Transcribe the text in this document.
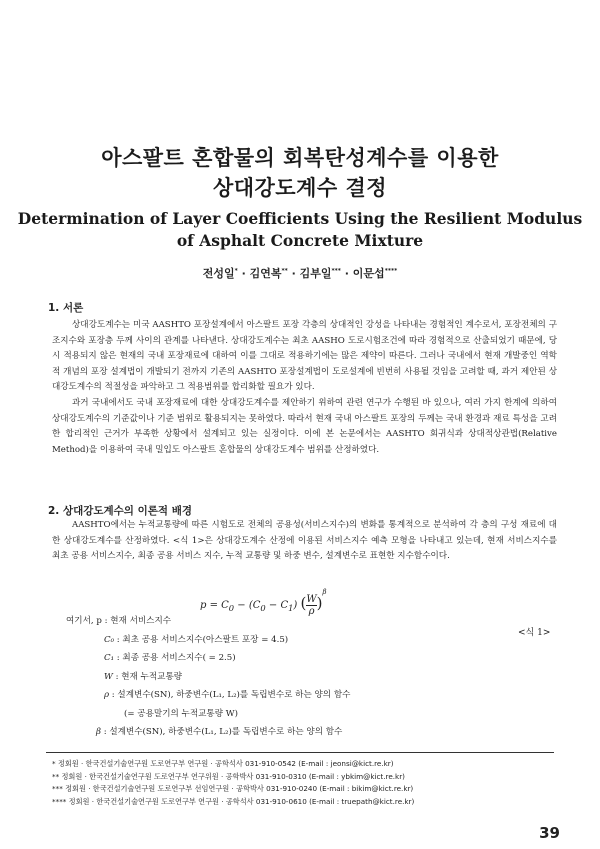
아스팔트 혼합물의 회복탄성계수를 이용한
상대강도계수 결정
Determination of Layer Coefficients Using the Resilient Modulus
of Asphalt Concrete Mixture
전성일* · 김연복** · 김부일*** · 이문섭****
1. 서론

상대강도계수는 미국 AASHTO 포장설계에서 아스팔트 포장 각층의 상대적인 강성을 나타내는 경험적인 계수로서, 포장전체의 구조지수와 포장층 두께 사이의 관계를 나타낸다. 상대강도계수는 최초 AASHO 도로시험조건에 따라 경험적으로 산출되었기 때문에, 당시 적용되지 않은 현재의 국내 포장재료에 대하여 이를 그대로 적용하기에는 많은 제약이 따른다. 그러나 국내에서 현재 개발중인 역학적 개념의 포장 설계법이 개발되기 전까지 기존의 AASHTO 포장설계법이 도로설계에 빈번히 사용될 것임을 고려할 때, 과거 제안된 상대강도계수의 적절성을 파악하고 그 적용범위를 합리화할 필요가 있다.

과거 국내에서도 국내 포장재료에 대한 상대강도계수를 제안하기 위하여 관련 연구가 수행된 바 있으나, 여러 가지 한계에 의하여 상대강도계수의 기준값이나 기준 범위로 활용되지는 못하였다. 따라서 현재 국내 아스팔트 포장의 두께는 국내 환경과 재료 특성을 고려한 합리적인 근거가 부족한 상황에서 설계되고 있는 실정이다. 이에 본 논문에서는 AASHTO 회귀식과 상대적상관법(Relative Method)을 이용하여 국내 밀입도 아스팔트 혼합물의 상대강도계수 범위를 산정하였다.

2. 상대강도계수의 이론적 배경

AASHTO에서는 누적교통량에 따른 시험도로 전체의 공용성(서비스지수)의 변화를 통계적으로 분석하여 각 층의 구성 재료에 대한 상대강도계수를 산정하였다. <식 1>은 상대강도계수 산정에 이용된 서비스지수 예측 모형을 나타내고 있는데, 현재 서비스지수를 최초 공용 서비스지수, 최종 공용 서비스 지수, 누적 교통량 및 하중 변수, 설계변수로 표현한 지수함수이다.

$p = C_0 - (C_0 - C_1)$ ( $\frac{W}{\rho} )^\beta$
<식 1>
여기서, p : 현재 서비스지수
C₀ : 최초 공용 서비스지수(아스팔트 포장 = 4.5)
C₁ : 최종 공용 서비스지수( = 2.5)
W : 현재 누적교통량
ρ : 설계변수(SN), 하중변수(L₁, L₂)를 독립변수로 하는 양의 함수
(= 공용말기의 누적교통량 W)
β : 설계변수(SN), 하중변수(L₁, L₂)를 독립변수로 하는 양의 함수
* 정회원 · 한국건설기술연구원 도로연구부 연구원 · 공학석사 031-910-0542 (E-mail : jeonsi@kict.re.kr)
** 정회원 · 한국건설기술연구원 도로연구부 연구위원 · 공학박사 031-910-0310 (E-mail : ybkim@kict.re.kr)
*** 정회원 · 한국건설기술연구원 도로연구부 선임연구원 · 공학박사 031-910-0240 (E-mail : bikim@kict.re.kr)
**** 정회원 · 한국건설기술연구원 도로연구부 연구원 · 공학석사 031-910-0610 (E-mail : truepath@kict.re.kr)
39
